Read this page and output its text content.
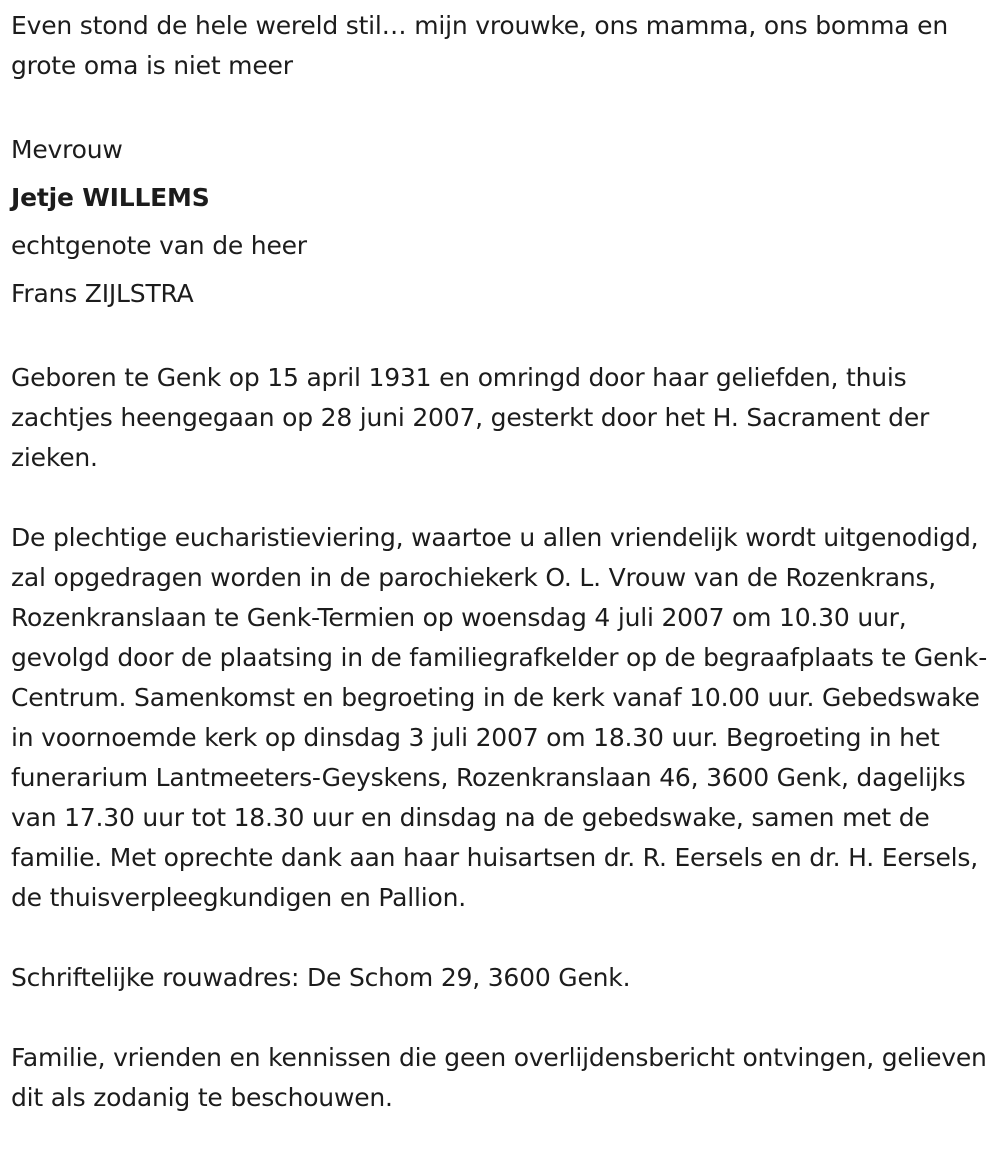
Even stond de hele wereld stil… mijn vrouwke, ons mamma, ons bomma en grote oma is niet meer

Mevrouw

Jetje WILLEMS

echtgenote van de heer

Frans ZIJLSTRA

Geboren te Genk op 15 april 1931 en omringd door haar geliefden, thuis zachtjes heengegaan op 28 juni 2007, gesterkt door het H. Sacrament der zieken.

De plechtige eucharistieviering, waartoe u allen vriendelijk wordt uitgenodigd, zal opgedragen worden in de parochiekerk O. L. Vrouw van de Rozenkrans, Rozenkranslaan te Genk-Termien op woensdag 4 juli 2007 om 10.30 uur, gevolgd door de plaatsing in de familiegrafkelder op de begraafplaats te Genk-Centrum. Samenkomst en begroeting in de kerk vanaf 10.00 uur. Gebedswake in voornoemde kerk op dinsdag 3 juli 2007 om 18.30 uur. Begroeting in het funerarium Lantmeeters-Geyskens, Rozenkranslaan 46, 3600 Genk, dagelijks van 17.30 uur tot 18.30 uur en dinsdag na de gebedswake, samen met de familie. Met oprechte dank aan haar huisartsen dr. R. Eersels en dr. H. Eersels, de thuisverpleegkundigen en Pallion.

Schriftelijke rouwadres: De Schom 29, 3600 Genk.

Familie, vrienden en kennissen die geen overlijdensbericht ontvingen, gelieven dit als zodanig te beschouwen.
